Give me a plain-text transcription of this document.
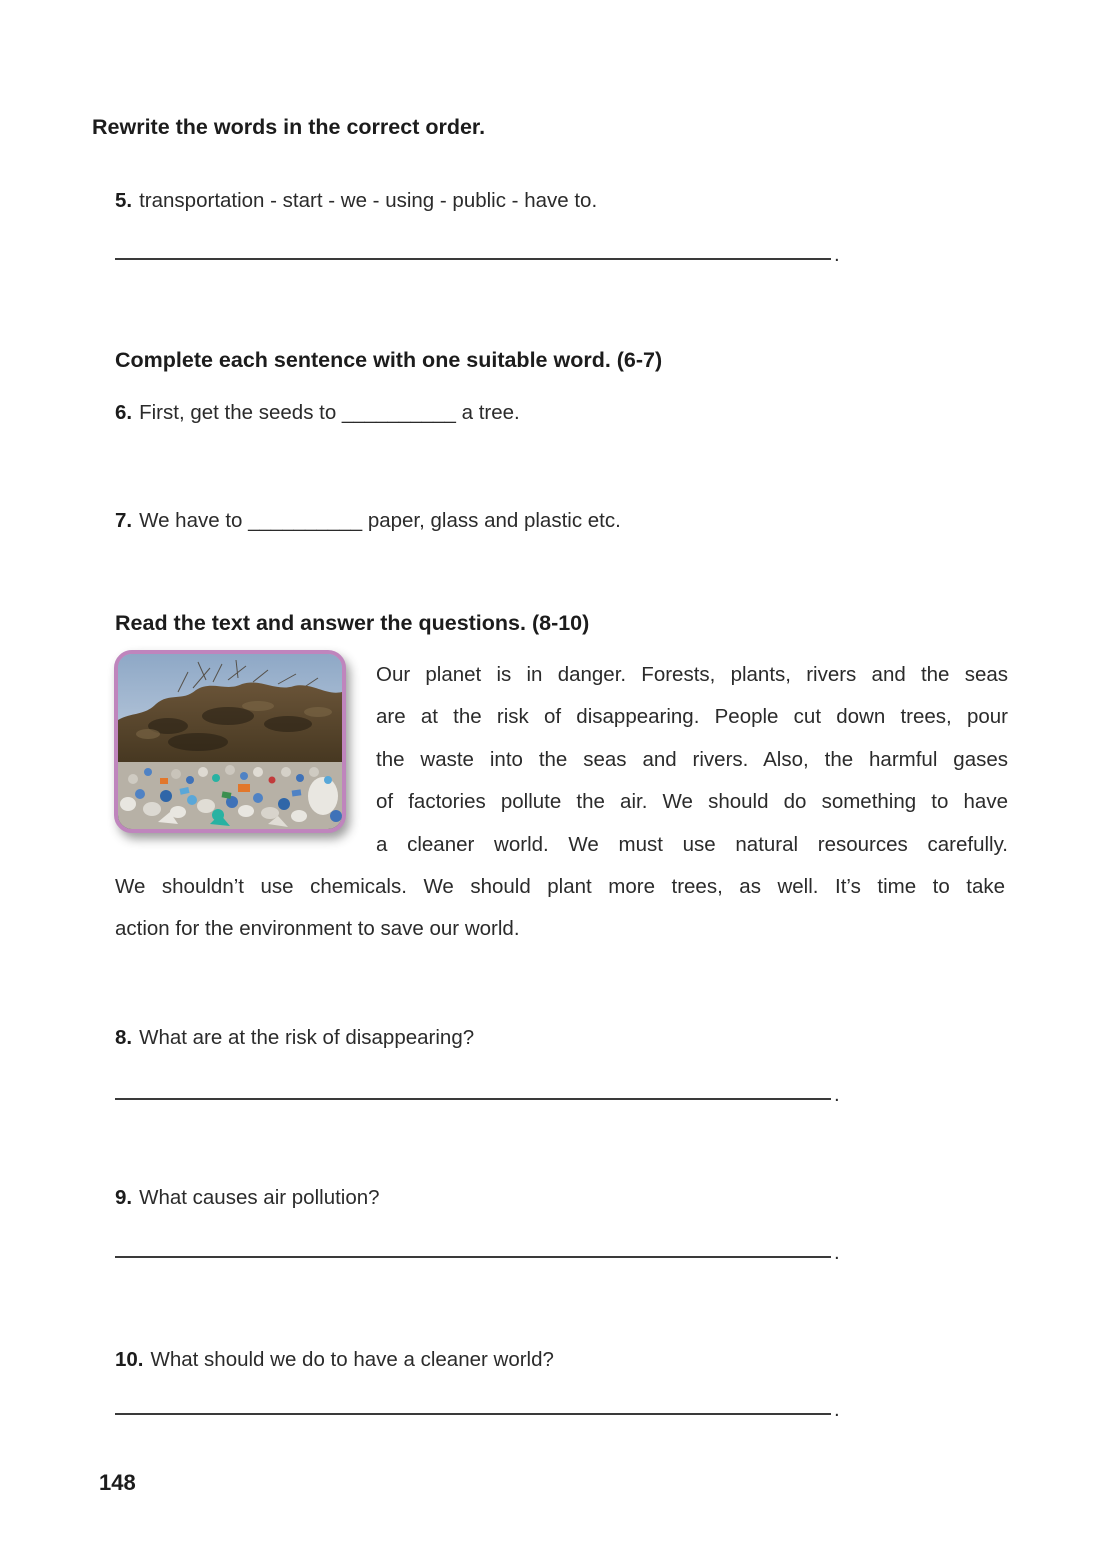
Rewrite the words in the correct order.
5. transportation - start - we - using - public - have to.
.
Complete each sentence with one suitable word. (6-7)
6. First, get the seeds to __________ a tree.
7. We have to __________ paper, glass and plastic etc.
Read the text and answer the questions. (8-10)
Our planet is in danger. Forests, plants, rivers and the seas
are at the risk of disappearing. People cut down trees, pour
the waste into the seas and rivers. Also, the harmful gases
of factories pollute the air. We should do something to have
a cleaner world. We must use natural resources carefully.
We shouldn’t use chemicals. We should plant more trees, as well. It’s time to take
action for the environment to save our world.
8. What are at the risk of disappearing?
.
9. What causes air pollution?
.
10. What should we do to have a cleaner world?
.
148
